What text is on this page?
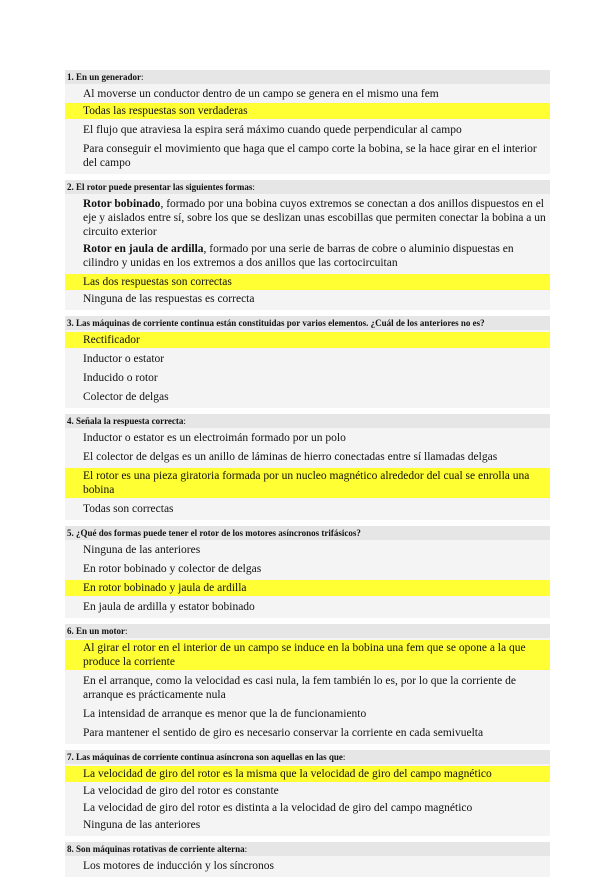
1. En un generador:
Al moverse un conductor dentro de un campo se genera en el mismo una fem
Todas las respuestas son verdaderas
El flujo que atraviesa la espira será máximo cuando quede perpendicular al campo
Para conseguir el movimiento que haga que el campo corte la bobina, se la hace girar en el interior del campo
2. El rotor puede presentar las siguientes formas:
Rotor bobinado, formado por una bobina cuyos extremos se conectan a dos anillos dispuestos en el eje y aislados entre sí, sobre los que se deslizan unas escobillas que permiten conectar la bobina a un circuito exterior
Rotor en jaula de ardilla, formado por una serie de barras de cobre o aluminio dispuestas en cilindro y unidas en los extremos a dos anillos que las cortocircuitan
Las dos respuestas son correctas
Ninguna de las respuestas es correcta
3. Las máquinas de corriente continua están constituidas por varios elementos. ¿Cuál de los anteriores no es?
Rectificador
Inductor o estator
Inducido o rotor
Colector de delgas
4. Señala la respuesta correcta:
Inductor o estator es un electroimán formado por un polo
El colector de delgas es un anillo de láminas de hierro conectadas entre sí llamadas delgas
El rotor es una pieza giratoria formada por un nucleo magnético alrededor del cual se enrolla una bobina
Todas son correctas
5. ¿Qué dos formas puede tener el rotor de los motores asíncronos trifásicos?
Ninguna de las anteriores
En rotor bobinado y colector de delgas
En rotor bobinado y jaula de ardilla
En jaula de ardilla y estator bobinado
6. En un motor:
Al girar el rotor en el interior de un campo se induce en la bobina una fem que se opone a la que produce la corriente
En el arranque, como la velocidad es casi nula, la fem también lo es, por lo que la corriente de arranque es prácticamente nula
La intensidad de arranque es menor que la de funcionamiento
Para mantener el sentido de giro es necesario conservar la corriente en cada semivuelta
7. Las máquinas de corriente continua asíncrona son aquellas en las que:
La velocidad de giro del rotor es la misma que la velocidad de giro del campo magnético
La velocidad de giro del rotor es constante
La velocidad de giro del rotor es distinta a la velocidad de giro del campo magnético
Ninguna de las anteriores
8. Son máquinas rotativas de corriente alterna:
Los motores de inducción y los síncronos
